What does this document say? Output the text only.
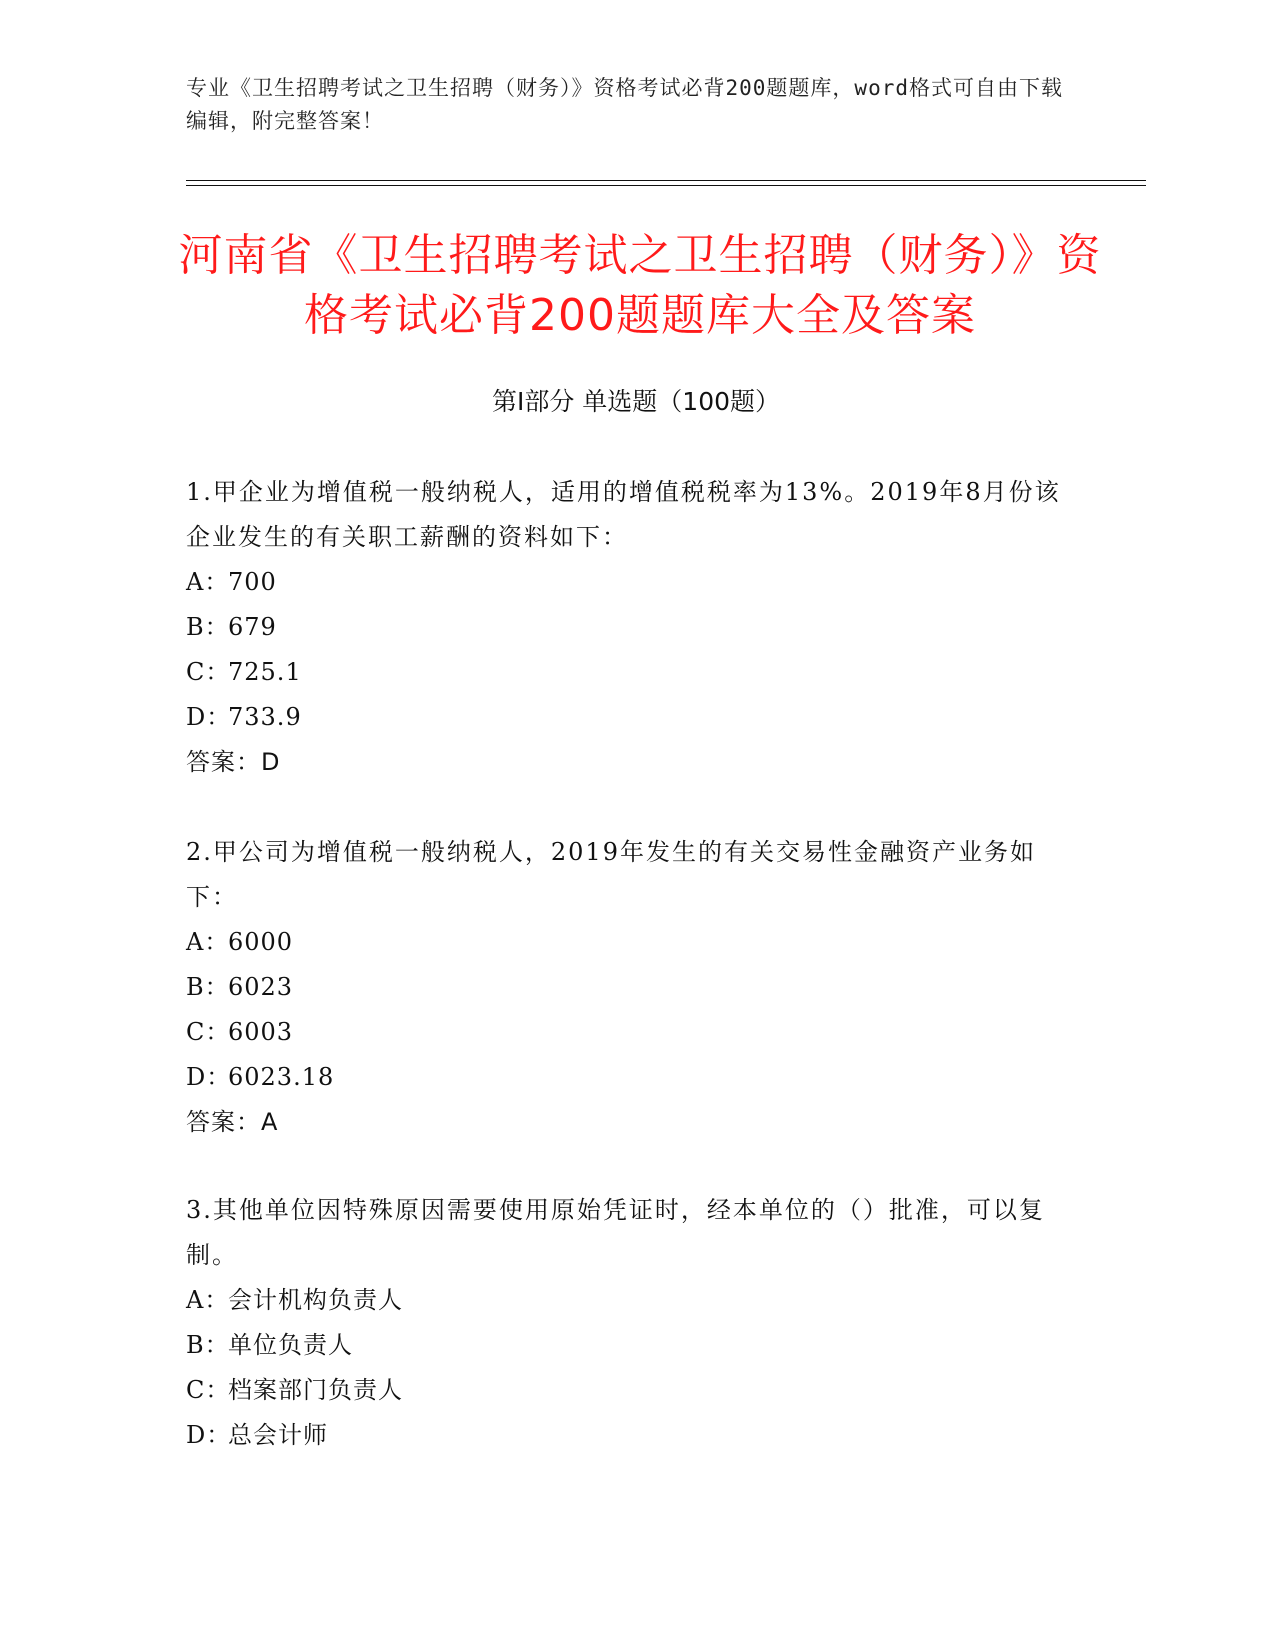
专业《卫生招聘考试之卫生招聘（财务）》资格考试必背200题题库，word格式可自由下载编辑，附完整答案！
河南省《卫生招聘考试之卫生招聘（财务）》资格考试必背200题题库大全及答案
第Ⅰ部分 单选题（100题）

1.甲企业为增值税一般纳税人，适用的增值税税率为13%。2019年8月份该企业发生的有关职工薪酬的资料如下：

A：700

B：679

C：725.1

D：733.9

答案：D

2.甲公司为增值税一般纳税人，2019年发生的有关交易性金融资产业务如下：

A：6000

B：6023

C：6003

D：6023.18

答案：A

3.其他单位因特殊原因需要使用原始凭证时，经本单位的（）批准，可以复制。

A：会计机构负责人

B：单位负责人

C：档案部门负责人

D：总会计师
